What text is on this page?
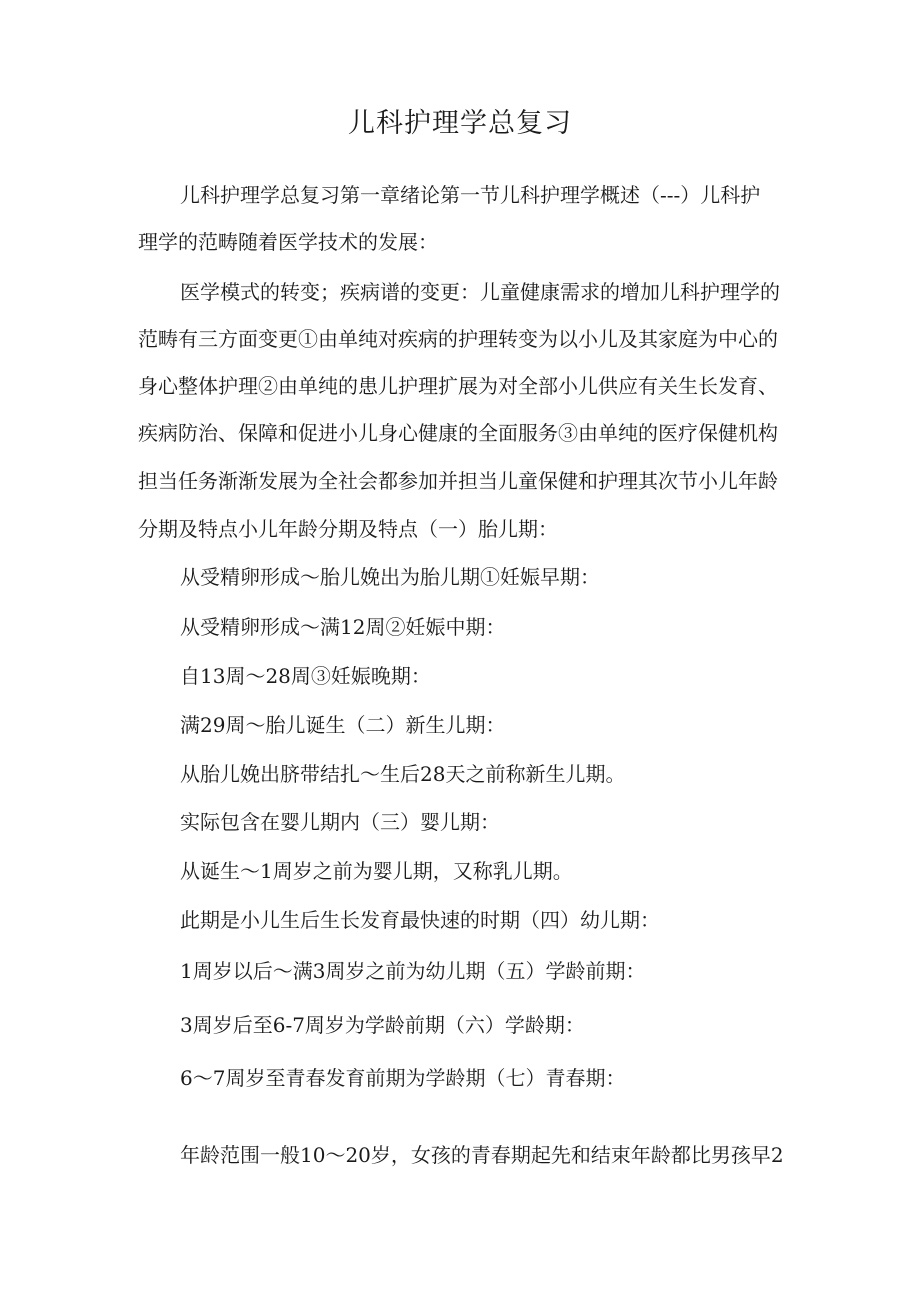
儿科护理学总复习

儿科护理学总复习第一章绪论第一节儿科护理学概述（---）儿科护

理学的范畴随着医学技术的发展：

医学模式的转变；疾病谱的变更：儿童健康需求的增加儿科护理学的

范畴有三方面变更①由单纯对疾病的护理转变为以小儿及其家庭为中心的

身心整体护理②由单纯的患儿护理扩展为对全部小儿供应有关生长发育、

疾病防治、保障和促进小儿身心健康的全面服务③由单纯的医疗保健机构

担当任务渐渐发展为全社会都参加并担当儿童保健和护理其次节小儿年龄

分期及特点小儿年龄分期及特点（一）胎儿期：

从受精卵形成～胎儿娩出为胎儿期①妊娠早期：

从受精卵形成～满12周②妊娠中期：

自13周～28周③妊娠晚期：

满29周～胎儿诞生（二）新生儿期：

从胎儿娩出脐带结扎～生后28天之前称新生儿期。

实际包含在婴儿期内（三）婴儿期：

从诞生～1周岁之前为婴儿期，又称乳儿期。

此期是小儿生后生长发育最快速的时期（四）幼儿期：

1周岁以后～满3周岁之前为幼儿期（五）学龄前期：

3周岁后至6-7周岁为学龄前期（六）学龄期：

6～7周岁至青春发育前期为学龄期（七）青春期：

年龄范围一般10～20岁，女孩的青春期起先和结束年龄都比男孩早2
